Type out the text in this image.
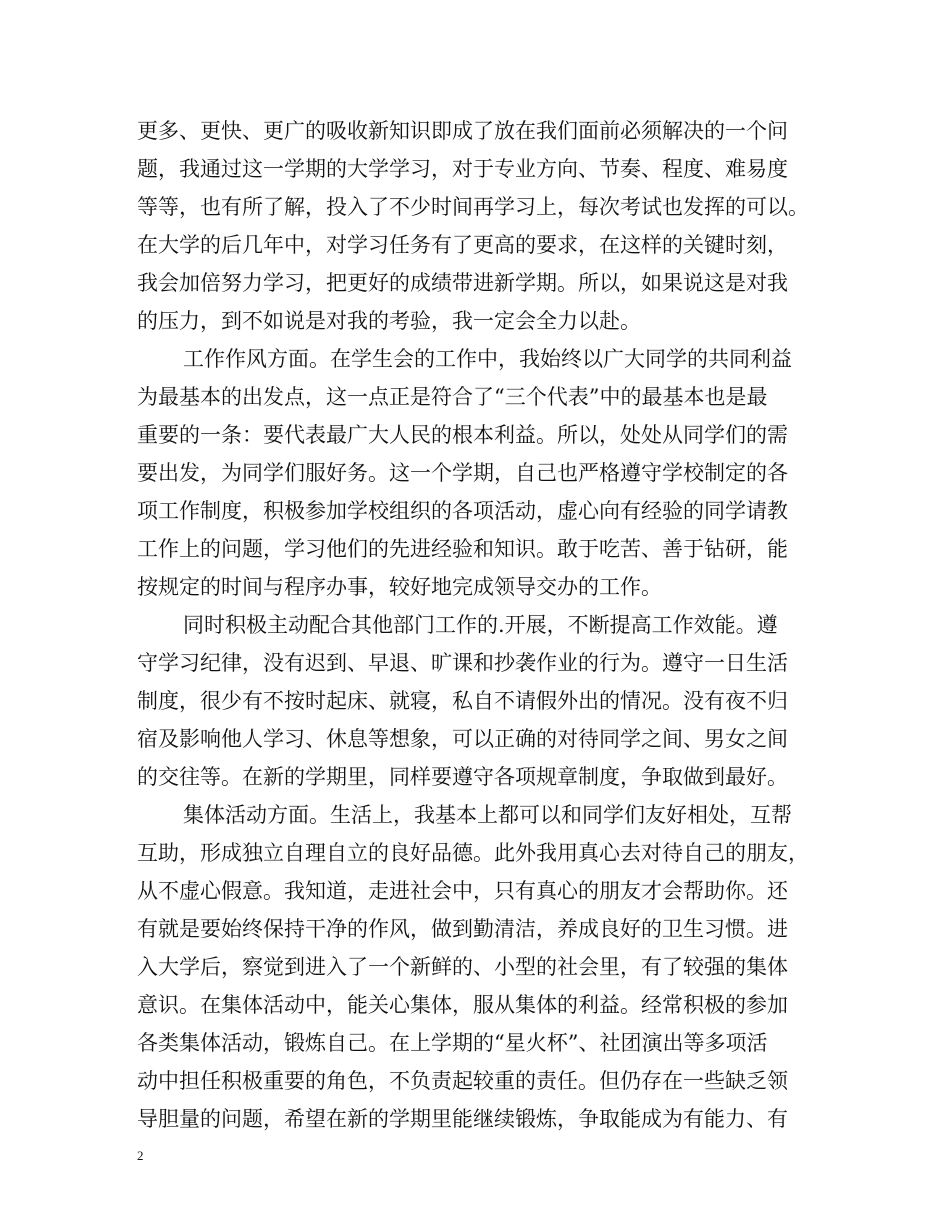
更多、更快、更广的吸收新知识即成了放在我们面前必须解决的一个问
题，我通过这一学期的大学学习，对于专业方向、节奏、程度、难易度
等等，也有所了解，投入了不少时间再学习上，每次考试也发挥的可以。
在大学的后几年中，对学习任务有了更高的要求，在这样的关键时刻，
我会加倍努力学习，把更好的成绩带进新学期。所以，如果说这是对我
的压力，到不如说是对我的考验，我一定会全力以赴。
工作作风方面。在学生会的工作中，我始终以广大同学的共同利益
为最基本的出发点，这一点正是符合了“三个代表”中的最基本也是最
重要的一条：要代表最广大人民的根本利益。所以，处处从同学们的需
要出发，为同学们服好务。这一个学期，自己也严格遵守学校制定的各
项工作制度，积极参加学校组织的各项活动，虚心向有经验的同学请教
工作上的问题，学习他们的先进经验和知识。敢于吃苦、善于钻研，能
按规定的时间与程序办事，较好地完成领导交办的工作。
同时积极主动配合其他部门工作的.开展，不断提高工作效能。遵
守学习纪律，没有迟到、早退、旷课和抄袭作业的行为。遵守一日生活
制度，很少有不按时起床、就寝，私自不请假外出的情况。没有夜不归
宿及影响他人学习、休息等想象，可以正确的对待同学之间、男女之间
的交往等。在新的学期里，同样要遵守各项规章制度，争取做到最好。
集体活动方面。生活上，我基本上都可以和同学们友好相处，互帮
互助，形成独立自理自立的良好品德。此外我用真心去对待自己的朋友，
从不虚心假意。我知道，走进社会中，只有真心的朋友才会帮助你。还
有就是要始终保持干净的作风，做到勤清洁，养成良好的卫生习惯。进
入大学后，察觉到进入了一个新鲜的、小型的社会里，有了较强的集体
意识。在集体活动中，能关心集体，服从集体的利益。经常积极的参加
各类集体活动，锻炼自己。在上学期的“星火杯”、社团演出等多项活
动中担任积极重要的角色，不负责起较重的责任。但仍存在一些缺乏领
导胆量的问题，希望在新的学期里能继续锻炼，争取能成为有能力、有
2
